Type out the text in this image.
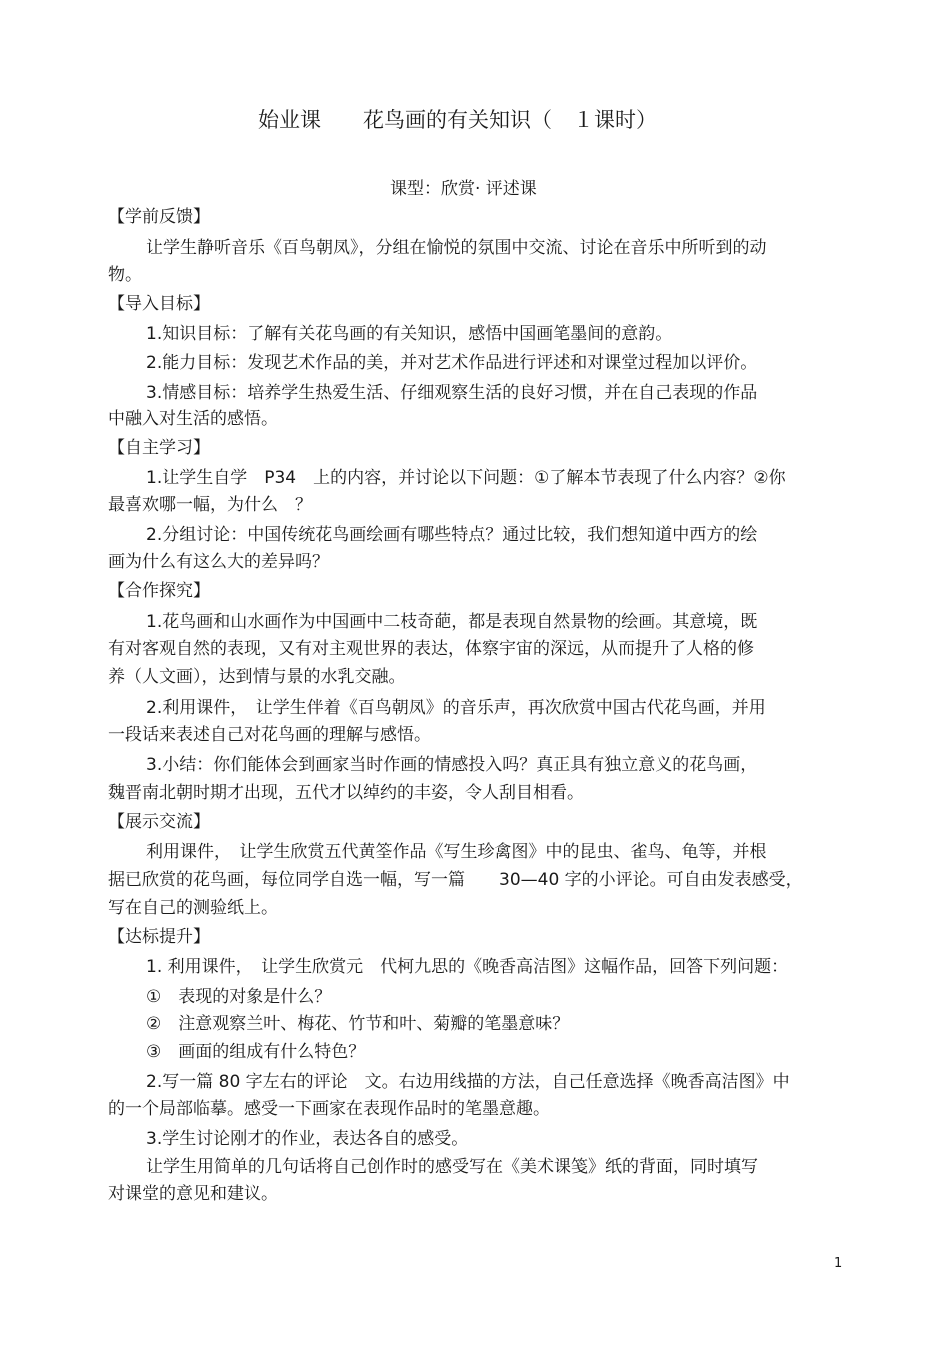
始业课　　花鸟画的有关知识（　１课时）
课型：欣赏· 评述课
【学前反馈】
让学生静听音乐《百鸟朝凤》，分组在愉悦的氛围中交流、讨论在音乐中所听到的动
物。
【导入目标】
1.知识目标：了解有关花鸟画的有关知识，感悟中国画笔墨间的意韵。
2.能力目标：发现艺术作品的美，并对艺术作品进行评述和对课堂过程加以评价。
3.情感目标：培养学生热爱生活、仔细观察生活的良好习惯，并在自己表现的作品
中融入对生活的感悟。
【自主学习】
1.让学生自学　P34　上的内容，并讨论以下问题：①了解本节表现了什么内容？②你
最喜欢哪一幅，为什么　？
2.分组讨论：中国传统花鸟画绘画有哪些特点？通过比较，我们想知道中西方的绘
画为什么有这么大的差异吗？
【合作探究】
1.花鸟画和山水画作为中国画中二枝奇葩，都是表现自然景物的绘画。其意境，既
有对客观自然的表现，又有对主观世界的表达，体察宇宙的深远，从而提升了人格的修
养（人文画），达到情与景的水乳交融。
2.利用课件，　让学生伴着《百鸟朝凤》的音乐声，再次欣赏中国古代花鸟画，并用
一段话来表述自己对花鸟画的理解与感悟。
3.小结：你们能体会到画家当时作画的情感投入吗？真正具有独立意义的花鸟画，
魏晋南北朝时期才出现，五代才以绰约的丰姿，令人刮目相看。
【展示交流】
利用课件，　让学生欣赏五代黄筌作品《写生珍禽图》中的昆虫、雀鸟、龟等，并根
据已欣赏的花鸟画，每位同学自选一幅，写一篇　　30—40 字的小评论。可自由发表感受，
写在自己的测验纸上。
【达标提升】
1. 利用课件，　让学生欣赏元　代柯九思的《晚香高洁图》这幅作品，回答下列问题：
①　表现的对象是什么？
②　注意观察兰叶、梅花、竹节和叶、菊瓣的笔墨意味？
③　画面的组成有什么特色？
2.写一篇 80 字左右的评论　文。右边用线描的方法，自己任意选择《晚香高洁图》中
的一个局部临摹。感受一下画家在表现作品时的笔墨意趣。
3.学生讨论刚才的作业，表达各自的感受。
让学生用简单的几句话将自己创作时的感受写在《美术课笺》纸的背面，同时填写
对课堂的意见和建议。
1
